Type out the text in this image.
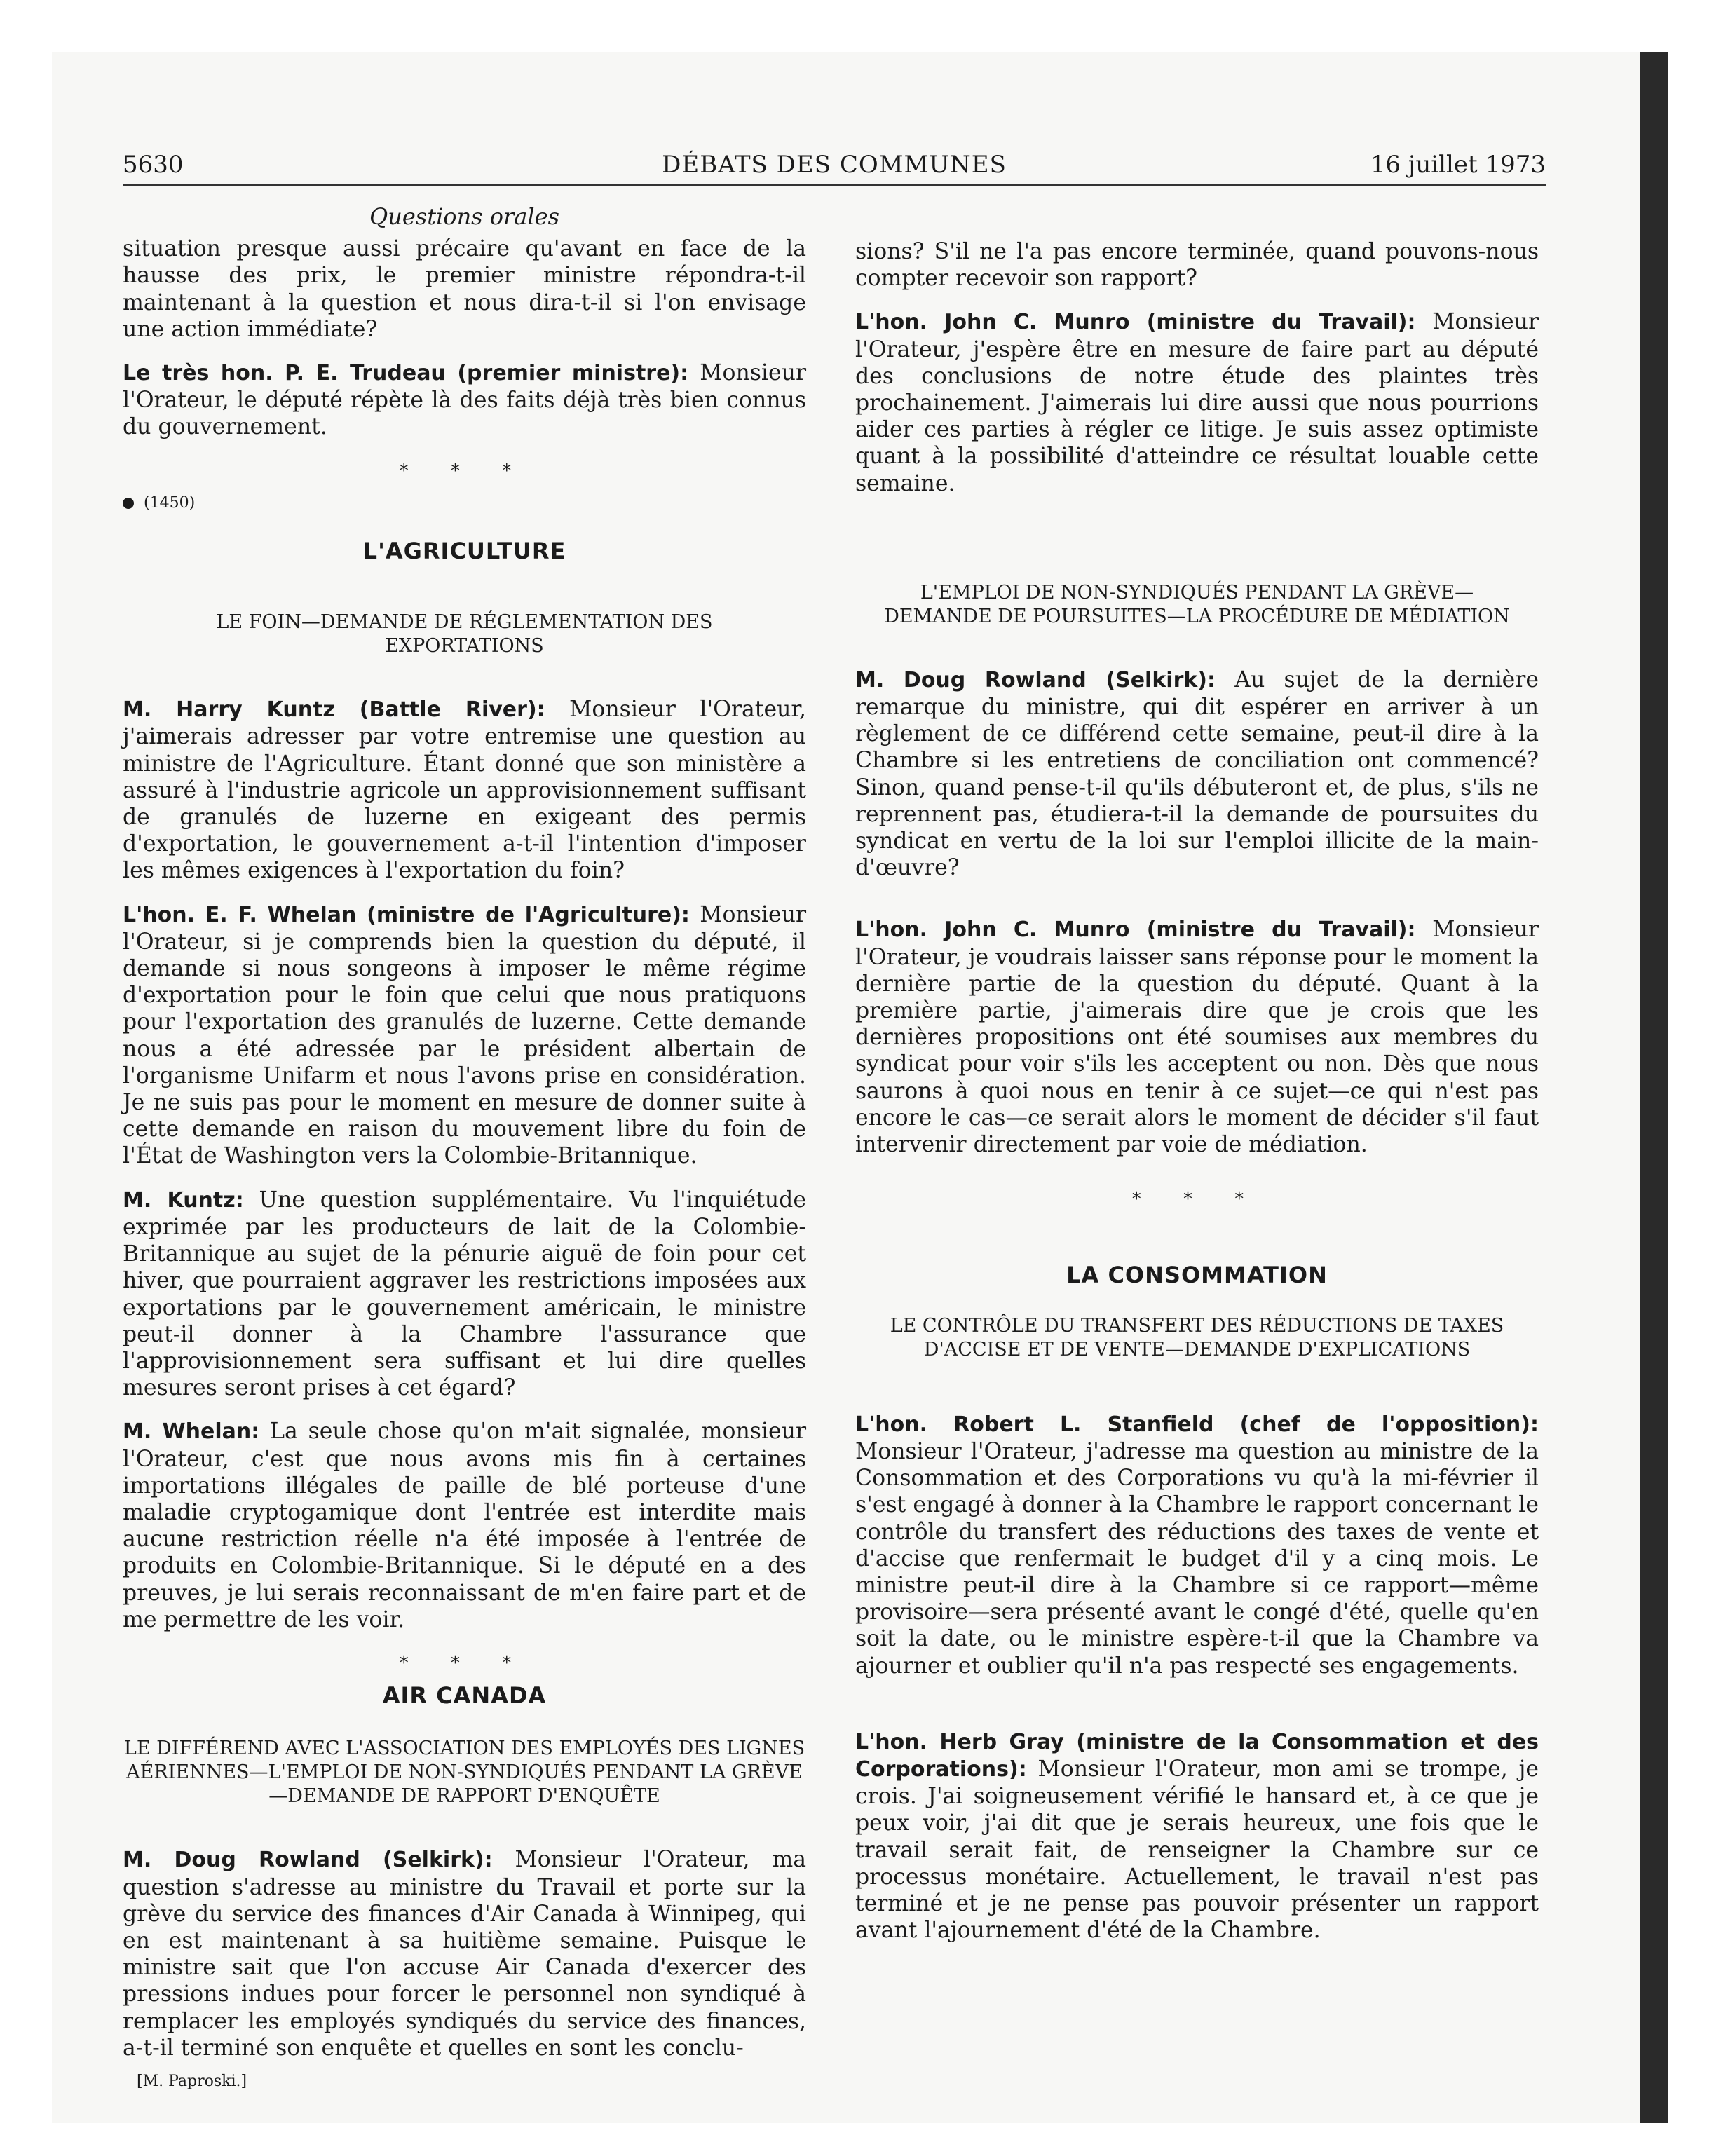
5630	DÉBATS DES COMMUNES	16 juillet 1973
Questions orales

situation presque aussi précaire qu'avant en face de la hausse des prix, le premier ministre répondra-t-il maintenant à la question et nous dira-t-il si l'on envisage une action immédiate?

Le très hon. P. E. Trudeau (premier ministre): Monsieur l'Orateur, le député répète là des faits déjà très bien connus du gouvernement.

* * *
(1450)
L'AGRICULTURE
LE FOIN—DEMANDE DE RÉGLEMENTATION DES EXPORTATIONS

M. Harry Kuntz (Battle River): Monsieur l'Orateur, j'aimerais adresser par votre entremise une question au ministre de l'Agriculture. Étant donné que son ministère a assuré à l'industrie agricole un approvisionnement suffisant de granulés de luzerne en exigeant des permis d'exportation, le gouvernement a-t-il l'intention d'imposer les mêmes exigences à l'exportation du foin?

L'hon. E. F. Whelan (ministre de l'Agriculture): Monsieur l'Orateur, si je comprends bien la question du député, il demande si nous songeons à imposer le même régime d'exportation pour le foin que celui que nous pratiquons pour l'exportation des granulés de luzerne. Cette demande nous a été adressée par le président albertain de l'organisme Unifarm et nous l'avons prise en considération. Je ne suis pas pour le moment en mesure de donner suite à cette demande en raison du mouvement libre du foin de l'État de Washington vers la Colombie-Britannique.

M. Kuntz: Une question supplémentaire. Vu l'inquiétude exprimée par les producteurs de lait de la Colombie-Britannique au sujet de la pénurie aiguë de foin pour cet hiver, que pourraient aggraver les restrictions imposées aux exportations par le gouvernement américain, le ministre peut-il donner à la Chambre l'assurance que l'approvisionnement sera suffisant et lui dire quelles mesures seront prises à cet égard?

M. Whelan: La seule chose qu'on m'ait signalée, monsieur l'Orateur, c'est que nous avons mis fin à certaines importations illégales de paille de blé porteuse d'une maladie cryptogamique dont l'entrée est interdite mais aucune restriction réelle n'a été imposée à l'entrée de produits en Colombie-Britannique. Si le député en a des preuves, je lui serais reconnaissant de m'en faire part et de me permettre de les voir.

* * *
AIR CANADA
LE DIFFÉREND AVEC L'ASSOCIATION DES EMPLOYÉS DES LIGNES AÉRIENNES—L'EMPLOI DE NON-SYNDIQUÉS PENDANT LA GRÈVE—DEMANDE DE RAPPORT D'ENQUÊTE

M. Doug Rowland (Selkirk): Monsieur l'Orateur, ma question s'adresse au ministre du Travail et porte sur la grève du service des finances d'Air Canada à Winnipeg, qui en est maintenant à sa huitième semaine. Puisque le ministre sait que l'on accuse Air Canada d'exercer des pressions indues pour forcer le personnel non syndiqué à remplacer les employés syndiqués du service des finances, a-t-il terminé son enquête et quelles en sont les conclu-

[M. Paproski.]

sions? S'il ne l'a pas encore terminée, quand pouvons-nous compter recevoir son rapport?

L'hon. John C. Munro (ministre du Travail): Monsieur l'Orateur, j'espère être en mesure de faire part au député des conclusions de notre étude des plaintes très prochainement. J'aimerais lui dire aussi que nous pourrions aider ces parties à régler ce litige. Je suis assez optimiste quant à la possibilité d'atteindre ce résultat louable cette semaine.

L'EMPLOI DE NON-SYNDIQUÉS PENDANT LA GRÈVE—DEMANDE DE POURSUITES—LA PROCÉDURE DE MÉDIATION

M. Doug Rowland (Selkirk): Au sujet de la dernière remarque du ministre, qui dit espérer en arriver à un règlement de ce différend cette semaine, peut-il dire à la Chambre si les entretiens de conciliation ont commencé? Sinon, quand pense-t-il qu'ils débuteront et, de plus, s'ils ne reprennent pas, étudiera-t-il la demande de poursuites du syndicat en vertu de la loi sur l'emploi illicite de la main-d'œuvre?

L'hon. John C. Munro (ministre du Travail): Monsieur l'Orateur, je voudrais laisser sans réponse pour le moment la dernière partie de la question du député. Quant à la première partie, j'aimerais dire que je crois que les dernières propositions ont été soumises aux membres du syndicat pour voir s'ils les acceptent ou non. Dès que nous saurons à quoi nous en tenir à ce sujet—ce qui n'est pas encore le cas—ce serait alors le moment de décider s'il faut intervenir directement par voie de médiation.

* * *
LA CONSOMMATION
LE CONTRÔLE DU TRANSFERT DES RÉDUCTIONS DE TAXES D'ACCISE ET DE VENTE—DEMANDE D'EXPLICATIONS

L'hon. Robert L. Stanfield (chef de l'opposition): Monsieur l'Orateur, j'adresse ma question au ministre de la Consommation et des Corporations vu qu'à la mi-février il s'est engagé à donner à la Chambre le rapport concernant le contrôle du transfert des réductions des taxes de vente et d'accise que renfermait le budget d'il y a cinq mois. Le ministre peut-il dire à la Chambre si ce rapport—même provisoire—sera présenté avant le congé d'été, quelle qu'en soit la date, ou le ministre espère-t-il que la Chambre va ajourner et oublier qu'il n'a pas respecté ses engagements.

L'hon. Herb Gray (ministre de la Consommation et des Corporations): Monsieur l'Orateur, mon ami se trompe, je crois. J'ai soigneusement vérifié le hansard et, à ce que je peux voir, j'ai dit que je serais heureux, une fois que le travail serait fait, de renseigner la Chambre sur ce processus monétaire. Actuellement, le travail n'est pas terminé et je ne pense pas pouvoir présenter un rapport avant l'ajournement d'été de la Chambre.
